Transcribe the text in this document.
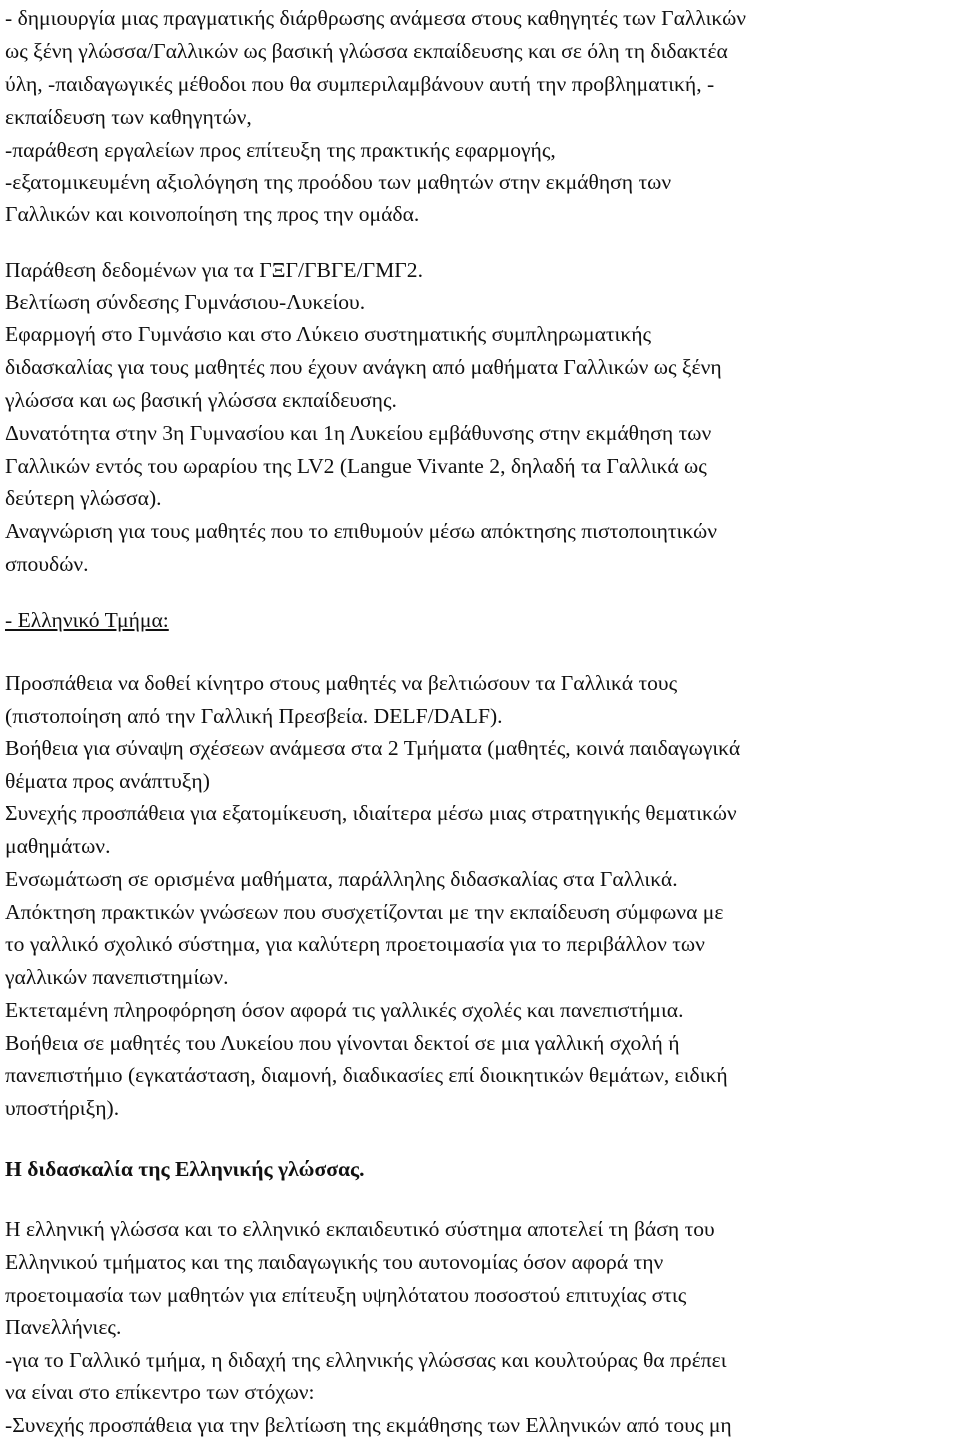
- δημιουργία μιας πραγματικής διάρθρωσης ανάμεσα στους καθηγητές των Γαλλικών
ως ξένη γλώσσα/Γαλλικών ως βασική γλώσσα εκπαίδευσης και σε όλη τη διδακτέα
ύλη, -παιδαγωγικές μέθοδοι που θα συμπεριλαμβάνουν αυτή την προβληματική, -
εκπαίδευση των καθηγητών,
-παράθεση εργαλείων προς επίτευξη της πρακτικής εφαρμογής,
-εξατομικευμένη αξιολόγηση της προόδου των μαθητών στην εκμάθηση των
Γαλλικών και κοινοποίηση της προς την ομάδα.
Παράθεση δεδομένων για τα ΓΞΓ/ΓΒΓΕ/ΓΜΓ2.
Βελτίωση σύνδεσης Γυμνάσιου-Λυκείου.
Εφαρμογή στο Γυμνάσιο και στο Λύκειο συστηματικής συμπληρωματικής
διδασκαλίας για τους μαθητές που έχουν ανάγκη από μαθήματα Γαλλικών ως ξένη
γλώσσα και ως βασική γλώσσα εκπαίδευσης.
Δυνατότητα στην 3η Γυμνασίου και 1η Λυκείου εμβάθυνσης στην εκμάθηση των
Γαλλικών εντός του ωραρίου της LV2 (Langue Vivante 2, δηλαδή τα Γαλλικά ως
δεύτερη γλώσσα).
Αναγνώριση για τους μαθητές που το επιθυμούν μέσω απόκτησης πιστοποιητικών
σπουδών.
- Ελληνικό Τμήμα:
Προσπάθεια να δοθεί κίνητρο στους μαθητές να βελτιώσουν τα Γαλλικά τους
(πιστοποίηση από την Γαλλική Πρεσβεία. DELF/DALF).
Βοήθεια για σύναψη σχέσεων ανάμεσα στα 2 Τμήματα (μαθητές, κοινά παιδαγωγικά
θέματα προς ανάπτυξη)
Συνεχής προσπάθεια για εξατομίκευση, ιδιαίτερα μέσω μιας στρατηγικής θεματικών
μαθημάτων.
Ενσωμάτωση σε ορισμένα μαθήματα, παράλληλης διδασκαλίας στα Γαλλικά.
Απόκτηση πρακτικών γνώσεων που συσχετίζονται με την εκπαίδευση σύμφωνα με
το γαλλικό σχολικό σύστημα, για καλύτερη προετοιμασία για το περιβάλλον των
γαλλικών πανεπιστημίων.
Εκτεταμένη πληροφόρηση όσον αφορά τις γαλλικές σχολές και πανεπιστήμια.
Βοήθεια σε μαθητές του Λυκείου που γίνονται δεκτοί σε μια γαλλική σχολή ή
πανεπιστήμιο (εγκατάσταση, διαμονή, διαδικασίες επί διοικητικών θεμάτων, ειδική
υποστήριξη).
Η διδασκαλία της Ελληνικής γλώσσας.
Η ελληνική γλώσσα και το ελληνικό εκπαιδευτικό σύστημα αποτελεί τη βάση του
Ελληνικού τμήματος και της παιδαγωγικής του αυτονομίας όσον αφορά την
προετοιμασία των μαθητών για επίτευξη υψηλότατου ποσοστού επιτυχίας στις
Πανελλήνιες.
-για το Γαλλικό τμήμα, η διδαχή της ελληνικής γλώσσας και κουλτούρας θα πρέπει
να είναι στο επίκεντρο των στόχων:
-Συνεχής προσπάθεια για την βελτίωση της εκμάθησης των Ελληνικών από τους μη
